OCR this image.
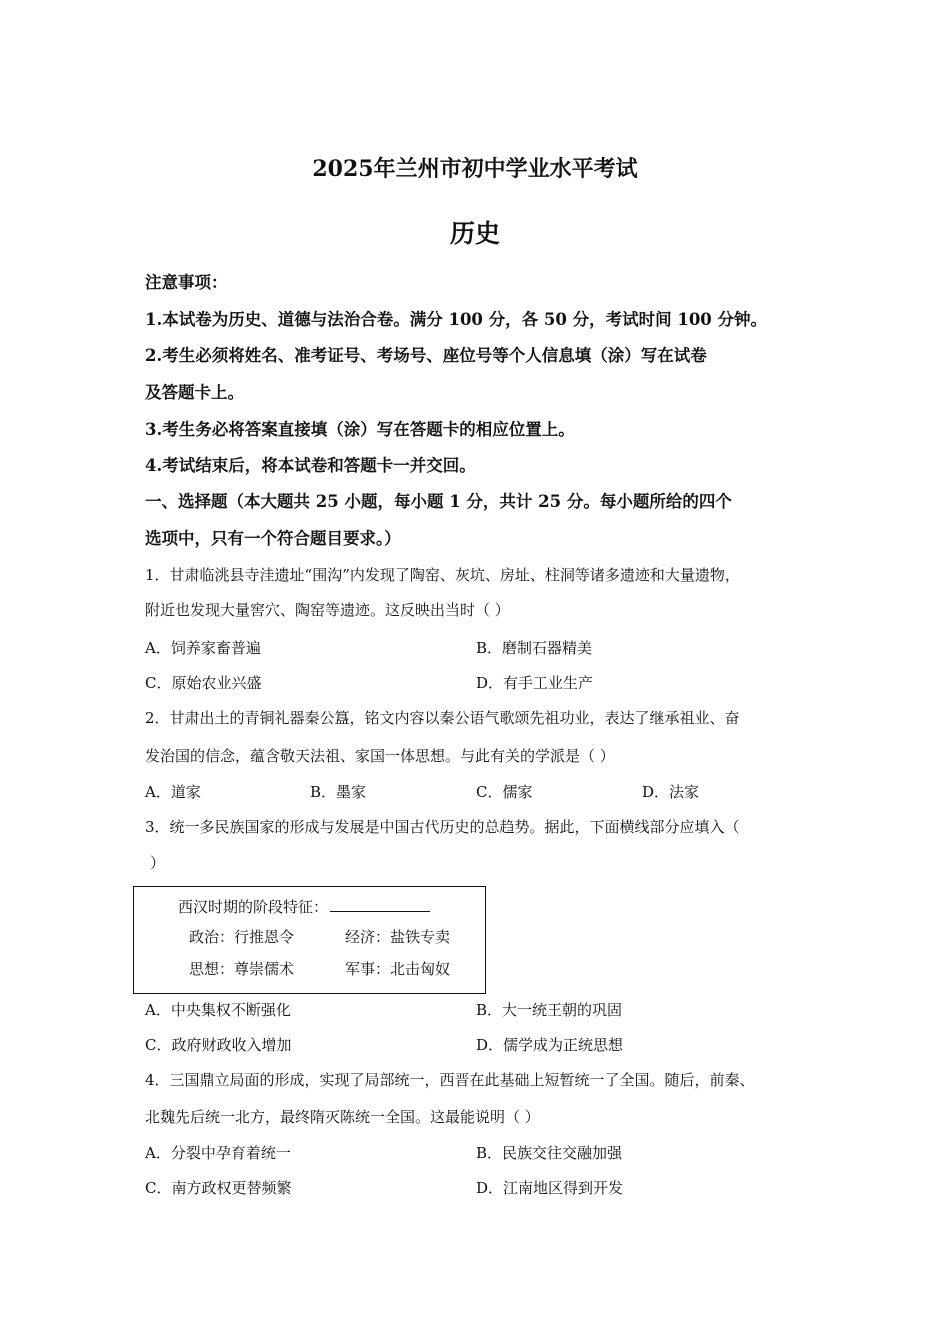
2025年兰州市初中学业水平考试
历史
注意事项：
1.本试卷为历史、道德与法治合卷。满分 100 分，各 50 分，考试时间 100 分钟。
2.考生必须将姓名、准考证号、考场号、座位号等个人信息填（涂）写在试卷
及答题卡上。
3.考生务必将答案直接填（涂）写在答题卡的相应位置上。
4.考试结束后，将本试卷和答题卡一并交回。
一、选择题（本大题共 25 小题，每小题 1 分，共计 25 分。每小题所给的四个
选项中，只有一个符合题目要求。）
1．甘肃临洮县寺洼遗址“围沟”内发现了陶窑、灰坑、房址、柱洞等诸多遗迹和大量遗物，
附近也发现大量窖穴、陶窑等遗迹。这反映出当时（ ）
A．饲养家畜普遍	B．磨制石器精美
C．原始农业兴盛	D．有手工业生产
2．甘肃出土的青铜礼器秦公簋，铭文内容以秦公语气歌颂先祖功业，表达了继承祖业、奋
发治国的信念，蕴含敬天法祖、家国一体思想。与此有关的学派是（ ）
A．道家	B．墨家	C．儒家	D．法家
3．统一多民族国家的形成与发展是中国古代历史的总趋势。据此，下面横线部分应填入（
）
西汉时期的阶段特征：
政治：行推恩令	经济：盐铁专卖
思想：尊崇儒术	军事：北击匈奴
A．中央集权不断强化	B．大一统王朝的巩固
C．政府财政收入增加	D．儒学成为正统思想
4．三国鼎立局面的形成，实现了局部统一，西晋在此基础上短暂统一了全国。随后，前秦、
北魏先后统一北方，最终隋灭陈统一全国。这最能说明（ ）
A．分裂中孕育着统一	B．民族交往交融加强
C．南方政权更替频繁	D．江南地区得到开发
